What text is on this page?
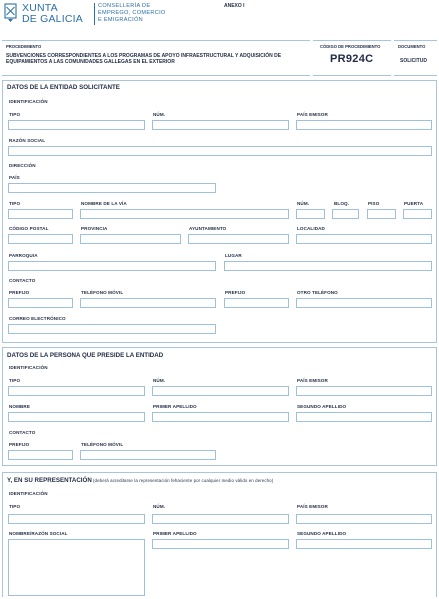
XUNTA
DE GALICIA
CONSELLERÍA DE
EMPREGO, COMERCIO
E EMIGRACIÓN
ANEXO I
PROCEDIMIENTO
SUBVENCIONES CORRESPONDIENTES A LOS PROGRAMAS DE APOYO INFRAESTRUCTURAL Y ADQUISICIÓN DE
EQUIPAMIENTOS A LAS COMUNIDADES GALLEGAS EN EL EXTERIOR
CÓDIGO DE PROCEDIMIENTO
PR924C
DOCUMENTO
SOLICITUD
DATOS DE LA ENTIDAD SOLICITANTE
IDENTIFICACIÓN
TIPO	NÚM.	PAÍS EMISOR
RAZÓN SOCIAL
DIRECCIÓN
PAÍS
TIPO	NOMBRE DE LA VÍA	NÚM.	BLOQ.	PISO	PUERTA
CÓDIGO POSTAL	PROVINCIA	AYUNTAMIENTO	LOCALIDAD
PARROQUIA	LUGAR
CONTACTO
PREFIJO	TELÉFONO MÓVIL	PREFIJO	OTRO TELÉFONO
CORREO ELECTRÓNICO
DATOS DE LA PERSONA QUE PRESIDE LA ENTIDAD
IDENTIFICACIÓN
TIPO	NÚM.	PAÍS EMISOR
NOMBRE	PRIMER APELLIDO	SEGUNDO APELLIDO
CONTACTO
PREFIJO	TELÉFONO MÓVIL
Y, EN SU REPRESENTACIÓN (deberá acreditarse la representación fehaciente por cualquier medio válido en derecho)
IDENTIFICACIÓN
TIPO	NÚM.	PAÍS EMISOR
NOMBRE/RAZÓN SOCIAL	PRIMER APELLIDO	SEGUNDO APELLIDO
